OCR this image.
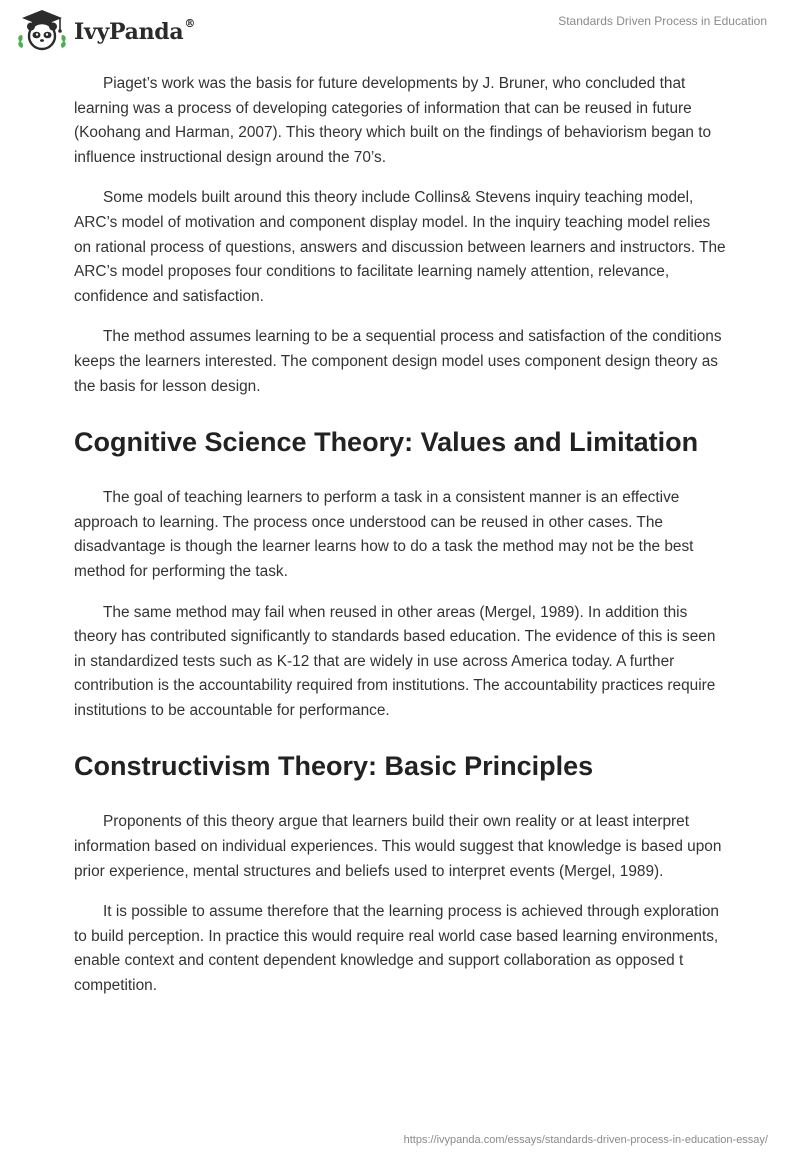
IvyPanda®	Standards Driven Process in Education

Piaget’s work was the basis for future developments by J. Bruner, who concluded that learning was a process of developing categories of information that can be reused in future (Koohang and Harman, 2007). This theory which built on the findings of behaviorism began to influence instructional design around the 70’s.

Some models built around this theory include Collins& Stevens inquiry teaching model, ARC’s model of motivation and component display model. In the inquiry teaching model relies on rational process of questions, answers and discussion between learners and instructors. The ARC’s model proposes four conditions to facilitate learning namely attention, relevance, confidence and satisfaction.

The method assumes learning to be a sequential process and satisfaction of the conditions keeps the learners interested. The component design model uses component design theory as the basis for lesson design.

Cognitive Science Theory: Values and Limitation

The goal of teaching learners to perform a task in a consistent manner is an effective approach to learning. The process once understood can be reused in other cases. The disadvantage is though the learner learns how to do a task the method may not be the best method for performing the task.

The same method may fail when reused in other areas (Mergel, 1989). In addition this theory has contributed significantly to standards based education. The evidence of this is seen in standardized tests such as K-12 that are widely in use across America today. A further contribution is the accountability required from institutions. The accountability practices require institutions to be accountable for performance.

Constructivism Theory: Basic Principles

Proponents of this theory argue that learners build their own reality or at least interpret information based on individual experiences. This would suggest that knowledge is based upon prior experience, mental structures and beliefs used to interpret events (Mergel, 1989).

It is possible to assume therefore that the learning process is achieved through exploration to build perception. In practice this would require real world case based learning environments, enable context and content dependent knowledge and support collaboration as opposed t competition.

https://ivypanda.com/essays/standards-driven-process-in-education-essay/
